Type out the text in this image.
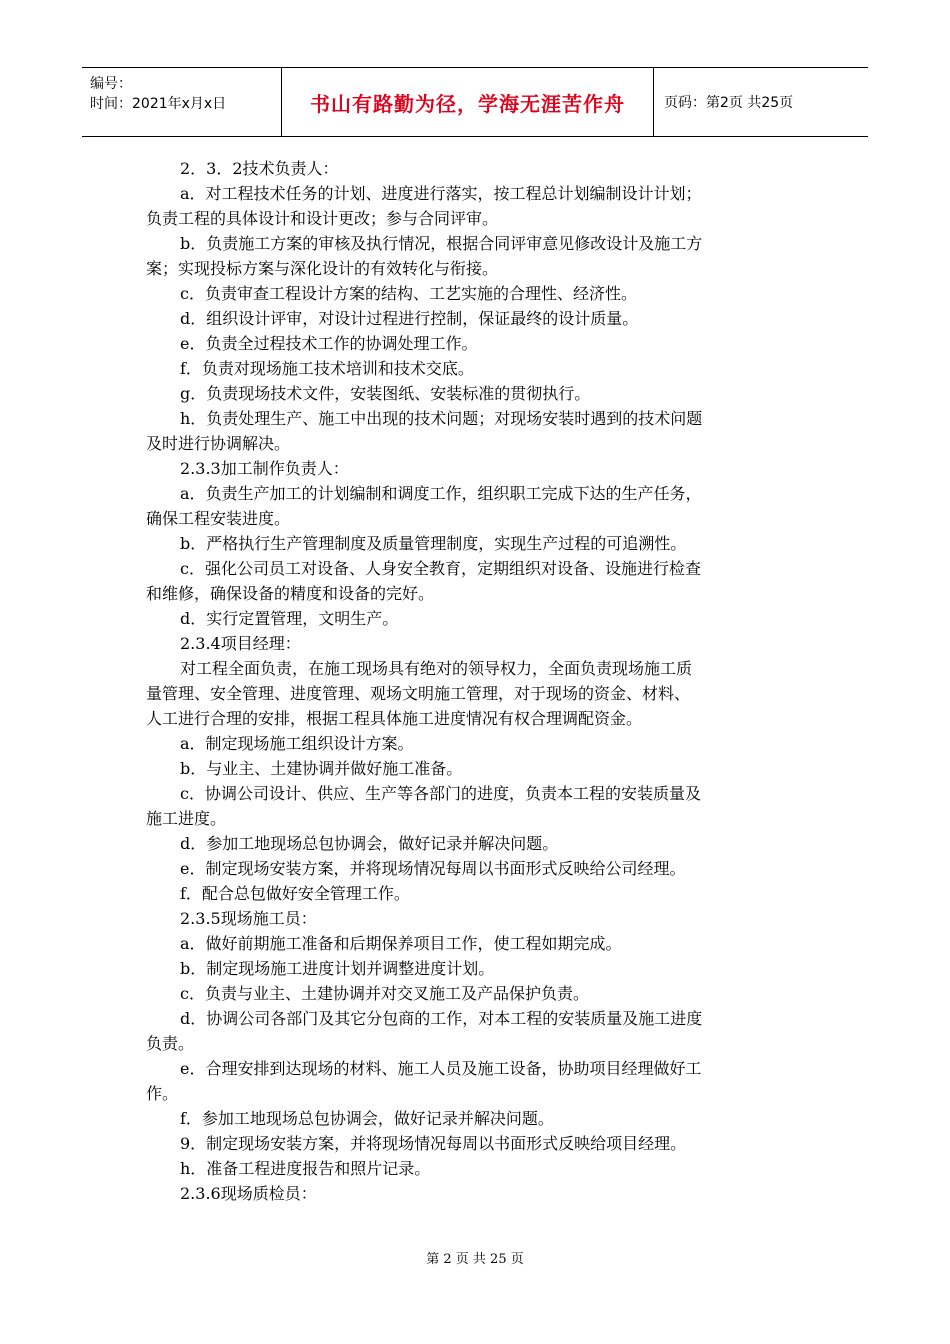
编号：
时间：2021年x月x日	书山有路勤为径，学海无涯苦作舟	页码：第2页 共25页

2．3．2技术负责人：

a．对工程技术任务的计划、进度进行落实，按工程总计划编制设计计划；

负责工程的具体设计和设计更改；参与合同评审。

b．负责施工方案的审核及执行情况，根据合同评审意见修改设计及施工方

案；实现投标方案与深化设计的有效转化与衔接。

c．负责审查工程设计方案的结构、工艺实施的合理性、经济性。

d．组织设计评审，对设计过程进行控制，保证最终的设计质量。

e．负责全过程技术工作的协调处理工作。

f．负责对现场施工技术培训和技术交底。

g．负责现场技术文件，安装图纸、安装标准的贯彻执行。

h．负责处理生产、施工中出现的技术问题；对现场安装时遇到的技术问题

及时进行协调解决。

2.3.3加工制作负责人：

a．负责生产加工的计划编制和调度工作，组织职工完成下达的生产任务，

确保工程安装进度。

b．严格执行生产管理制度及质量管理制度，实现生产过程的可追溯性。

c．强化公司员工对设备、人身安全教育，定期组织对设备、设施进行检查

和维修，确保设备的精度和设备的完好。

d．实行定置管理，文明生产。

2.3.4项目经理：

对工程全面负责，在施工现场具有绝对的领导权力，全面负责现场施工质

量管理、安全管理、进度管理、观场文明施工管理，对于现场的资金、材料、

人工进行合理的安排，根据工程具体施工进度情况有权合理调配资金。

a．制定现场施工组织设计方案。

b．与业主、土建协调并做好施工准备。

c．协调公司设计、供应、生产等各部门的进度，负责本工程的安装质量及

施工进度。

d．参加工地现场总包协调会，做好记录并解决问题。

e．制定现场安装方案，并将现场情况每周以书面形式反映给公司经理。

f．配合总包做好安全管理工作。

2.3.5现场施工员：

a．做好前期施工准备和后期保养项目工作，使工程如期完成。

b．制定现场施工进度计划并调整进度计划。

c．负责与业主、土建协调并对交叉施工及产品保护负责。

d．协调公司各部门及其它分包商的工作，对本工程的安装质量及施工进度

负责。

e．合理安排到达现场的材料、施工人员及施工设备，协助项目经理做好工

作。

f．参加工地现场总包协调会，做好记录并解决问题。

9．制定现场安装方案，并将现场情况每周以书面形式反映给项目经理。

h．准备工程进度报告和照片记录。

2.3.6现场质检员：

第 2 页 共 25 页
